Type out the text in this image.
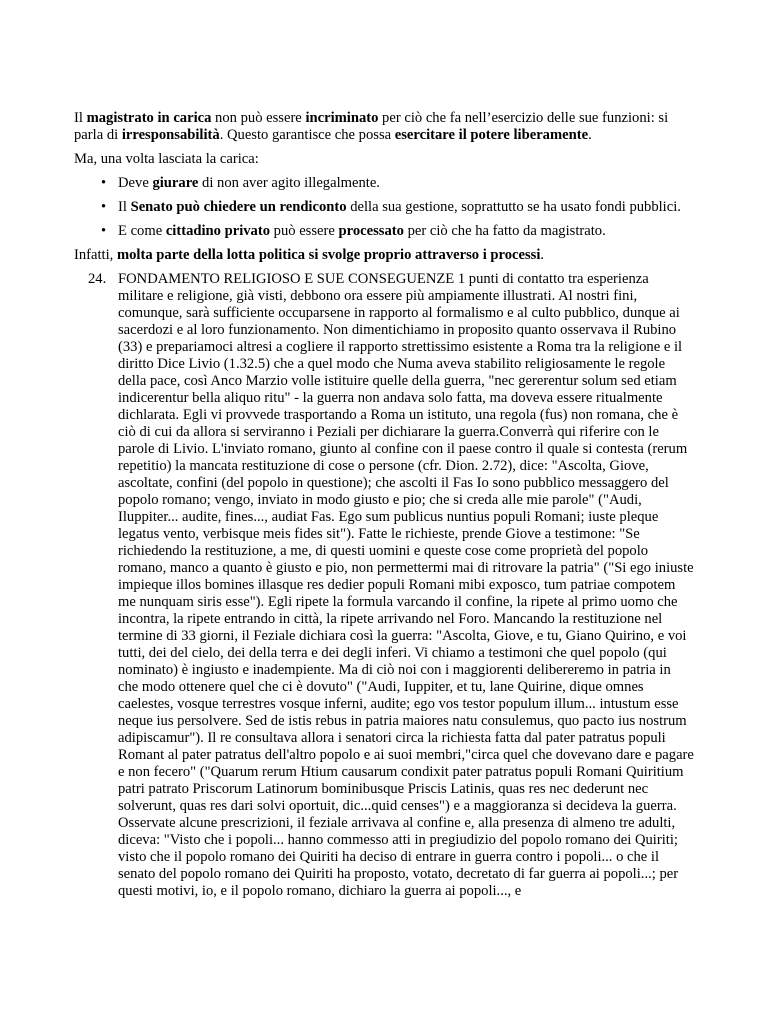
Il magistrato in carica non può essere incriminato per ciò che fa nell’esercizio delle sue funzioni: si parla di irresponsabilità. Questo garantisce che possa esercitare il potere liberamente.

Ma, una volta lasciata la carica:

• Deve giurare di non aver agito illegalmente.
• Il Senato può chiedere un rendiconto della sua gestione, soprattutto se ha usato fondi pubblici.
• E come cittadino privato può essere processato per ciò che ha fatto da magistrato.

Infatti, molta parte della lotta politica si svolge proprio attraverso i processi.

24. FONDAMENTO RELIGIOSO E SUE CONSEGUENZE 1 punti di contatto tra esperienza militare e religione, già visti, debbono ora essere più ampiamente illustrati. Al nostri fini, comunque, sarà sufficiente occuparsene in rapporto al formalismo e al culto pubblico, dunque ai sacerdozi e al loro funzionamento. Non dimentichiamo in proposito quanto osservava il Rubino (33) e prepariamoci altresi a cogliere il rapporto strettissimo esistente a Roma tra la religione e il diritto Dice Livio (1.32.5) che a quel modo che Numa aveva stabilito religiosamente le regole della pace, così Anco Marzio volle istituire quelle della guerra, "nec gererentur solum sed etiam indicerentur bella aliquo ritu" - la guerra non andava solo fatta, ma doveva essere ritualmente dichlarata. Egli vi provvede trasportando a Roma un istituto, una regola (fus) non romana, che è ciò di cui da allora si serviranno i Peziali per dichiarare la guerra.Converrà qui riferire con le parole di Livio. L'inviato romano, giunto al confine con il paese contro il quale si contesta (rerum repetitio) la mancata restituzione di cose o persone (cfr. Dion. 2.72), dice: "Ascolta, Giove, ascoltate, confini (del popolo in questione); che ascolti il Fas Io sono pubblico messaggero del popolo romano; vengo, inviato in modo giusto e pio; che si creda alle mie parole" ("Audi, Iluppiter... audite, fines..., audiat Fas. Ego sum publicus nuntius populi Romani; iuste pleque legatus vento, verbisque meis fides sit"). Fatte le richieste, prende Giove a testimone: "Se richiedendo la restituzione, a me, di questi uomini e queste cose come proprietà del popolo romano, manco a quanto è giusto e pio, non permettermi mai di ritrovare la patria" ("Si ego iniuste impieque illos bomines illasque res dedier populi Romani mibi exposco, tum patriae compotem me nunquam siris esse"). Egli ripete la formula varcando il confine, la ripete al primo uomo che incontra, la ripete entrando in città, la ripete arrivando nel Foro. Mancando la restituzione nel termine di 33 giorni, il Feziale dichiara così la guerra: "Ascolta, Giove, e tu, Giano Quirino, e voi tutti, dei del cielo, dei della terra e dei degli inferi. Vi chiamo a testimoni che quel popolo (qui nominato) è ingiusto e inadempiente. Ma di ciò noi con i maggiorenti delibereremo in patria in che modo ottenere quel che ci è dovuto" ("Audi, Iuppiter, et tu, lane Quirine, dique omnes caelestes, vosque terrestres vosque inferni, audite; ego vos testor populum illum... intustum esse neque ius persolvere. Sed de istis rebus in patria maiores natu consulemus, quo pacto ius nostrum adipiscamur"). Il re consultava allora i senatori circa la richiesta fatta dal pater patratus populi Romant al pater patratus dell'altro popolo e ai suoi membri,"circa quel che dovevano dare e pagare e non fecero" ("Quarum rerum Htium causarum condixit pater patratus populi Romani Quiritium patri patrato Priscorum Latinorum bominibusque Priscis Latinis, quas res nec dederunt nec solverunt, quas res dari solvi oportuit, dic...quid censes") e a maggioranza si decideva la guerra. Osservate alcune prescrizioni, il feziale arrivava al confine e, alla presenza di almeno tre adulti, diceva: "Visto che i popoli... hanno commesso atti in pregiudizio del popolo romano dei Quiriti; visto che il popolo romano dei Quiriti ha deciso di entrare in guerra contro i popoli... o che il senato del popolo romano dei Quiriti ha proposto, votato, decretato di far guerra ai popoli...; per questi motivi, io, e il popolo romano, dichiaro la guerra ai popoli..., e
